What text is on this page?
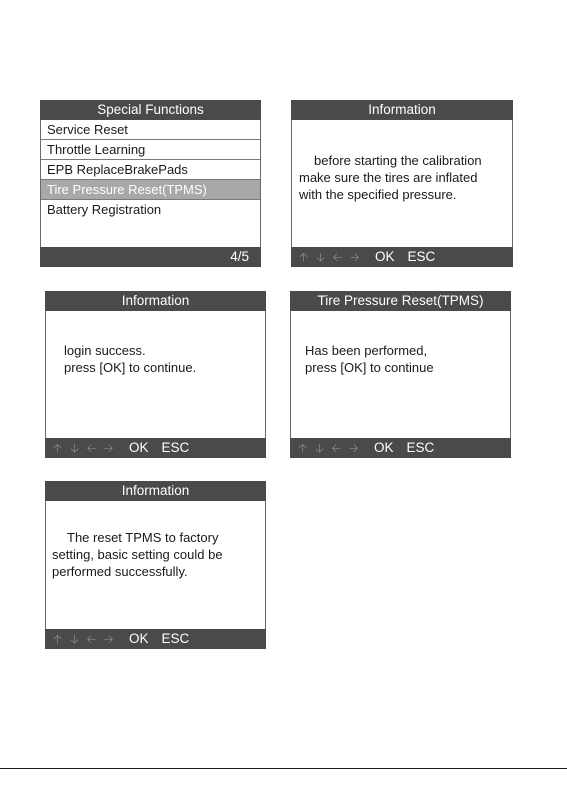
Special Functions
Service Reset
Throttle Learning
EPB ReplaceBrakePads
Tire Pressure Reset(TPMS)
Battery Registration
4/5
Information
before starting the calibration
make sure the tires are inflated
with the specified pressure.
🡡 🡣 🡠 🡢 OK ESC
Information
login success.
press [OK] to continue.
🡡 🡣 🡠 🡢 OK ESC
Tire Pressure Reset(TPMS)
Has been performed,
press [OK] to continue
🡡 🡣 🡠 🡢 OK ESC
Information
The reset TPMS to factory
setting, basic setting could be
performed successfully.
🡡 🡣 🡠 🡢 OK ESC
